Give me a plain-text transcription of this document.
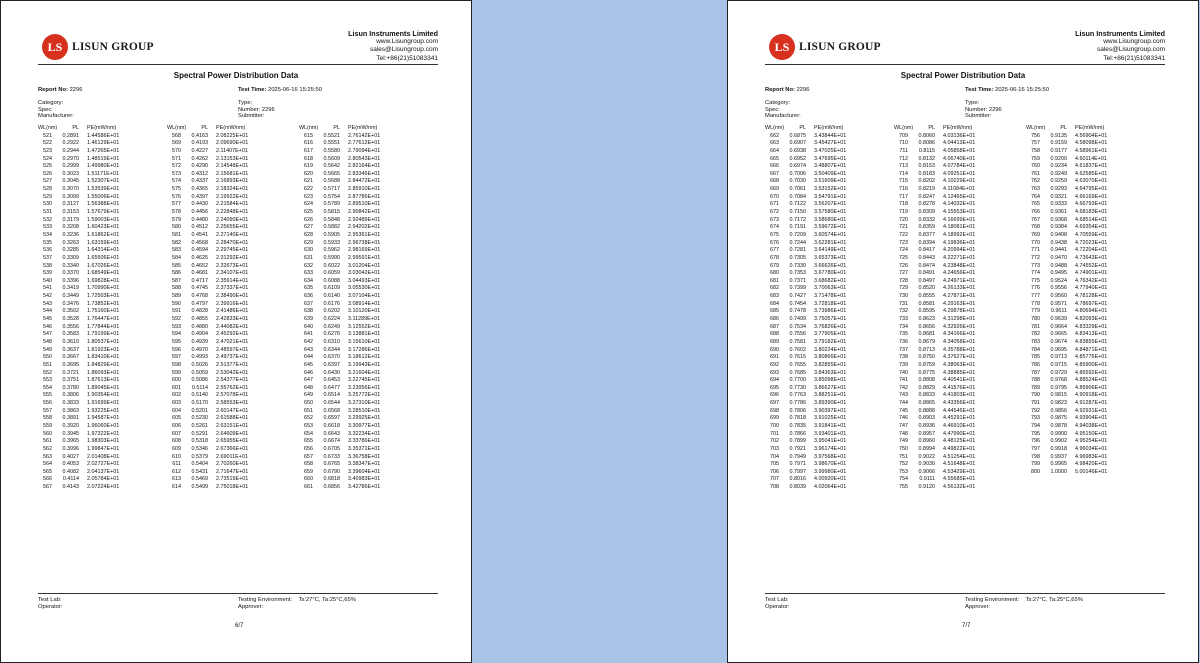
LS LISUN GROUP
Lisun Instruments Limited
www.Lisungroup.com
sales@Lisungroup.com
Tel:+86(21)51083341
Spectral Power Distribution Data
Report No: 2296

Category:
Spec:
Manufacturer:
Test Time: 2025-06-16 15:25:50

Type:
Number: 2296
Submitter:
WL(nm)	PL PE(mW/nm)
521 0.2891 1.44586E+01
522 0.2922 1.46129E+01
523 0.2944 1.47265E+01
524 0.2970 1.48519E+01
525 0.2999 1.49980E+01
526 0.3023 1.51171E+01
527 0.3045 1.52307E+01
528 0.3070 1.53539E+01
529 0.3099 1.55006E+01
530 0.3127 1.56388E+01
531 0.3153 1.57679E+01
532 0.3179 1.59003E+01
533 0.3208 1.60423E+01
534 0.3236 1.61862E+01
535 0.3263 1.63159E+01
536 0.3285 1.64314E+01
537 0.3309 1.65506E+01
538 0.3340 1.67026E+01
539 0.3370 1.68549E+01
540 0.3396 1.69828E+01
541 0.3419 1.70990E+01
542 0.3449 1.72503E+01
543 0.3476 1.73852E+01
544 0.3502 1.75160E+01
545 0.3528 1.76447E+01
546 0.3556 1.77844E+01
547 0.3583 1.79199E+01
548 0.3610 1.80537E+01
549 0.3637 1.81923E+01
550 0.3667 1.83410E+01
551 0.3695 1.84829E+01
552 0.3721 1.86093E+01
553 0.3751 1.87613E+01
554 0.3780 1.89045E+01
555 0.3806 1.90354E+01
556 0.3833 1.91699E+01
557 0.3863 1.93225E+01
558 0.3891 1.94587E+01
559 0.3920 1.96060E+01
560 0.3945 1.97322E+01
561 0.3965 1.98303E+01
562 0.3996 1.99847E+01
563 0.4027 2.01408E+01
564 0.4053 2.02727E+01
565 0.4082 2.04137E+01
566 0.4114 2.05784E+01
567 0.4143 2.07224E+01
WL(nm)	PL PE(mW/nm)
568 0.4163 2.08225E+01
569 0.4193 2.09690E+01
570 0.4227 2.11407E+01
571 0.4262 2.13153E+01
572 0.4290 2.14548E+01
573 0.4312 2.15681E+01
574 0.4337 2.16893E+01
575 0.4365 2.18324E+01
576 0.4397 2.19922E+01
577 0.4430 2.21584E+01
578 0.4456 2.22848E+01
579 0.4480 2.24090E+01
580 0.4512 2.25655E+01
581 0.4541 2.27140E+01
582 0.4568 2.28470E+01
583 0.4594 2.29745E+01
584 0.4625 2.31292E+01
585 0.4652 2.32673E+01
586 0.4681 2.34107E+01
587 0.4717 2.35914E+01
588 0.4745 2.37337E+01
589 0.4768 2.38490E+01
590 0.4797 2.39916E+01
591 0.4828 2.41486E+01
592 0.4855 2.42833E+01
593 0.4880 2.44082E+01
594 0.4904 2.45292E+01
595 0.4939 2.47021E+01
596 0.4970 2.48597E+01
597 0.4993 2.49737E+01
598 0.5026 2.51377E+01
599 0.5059 2.53042E+01
600 0.5086 2.54377E+01
601 0.5114 2.55762E+01
602 0.5140 2.57078E+01
603 0.5170 2.58553E+01
604 0.5201 2.60147E+01
605 0.5230 2.61588E+01
606 0.5261 2.63151E+01
607 0.5291 2.64609E+01
608 0.5318 2.65955E+01
609 0.5346 2.67366E+01
610 0.5379 2.69011E+01
611 0.5404 2.70260E+01
612 0.5431 2.71647E+01
613 0.5469 2.73519E+01
614 0.5499 2.75018E+01
WL(nm)	PL PE(mW/nm)
615 0.5521 2.76142E+01
616 0.5551 2.77612E+01
617 0.5580 2.79094E+01
618 0.5609 2.80543E+01
619 0.5642 2.82164E+01
620 0.5665 2.83346E+01
621 0.5688 2.84472E+01
622 0.5717 2.85910E+01
623 0.5754 2.87786E+01
624 0.5789 2.89510E+01
625 0.5815 2.90842E+01
626 0.5848 2.92489E+01
627 0.5882 2.94202E+01
628 0.5905 2.95361E+01
629 0.5933 2.96738E+01
630 0.5962 2.98169E+01
631 0.5990 2.99591E+01
632 0.6022 3.01204E+01
633 0.6059 3.03042E+01
634 0.6088 3.04493E+01
635 0.6109 3.05530E+01
636 0.6140 3.07104E+01
637 0.6176 3.08914E+01
638 0.6202 3.10120E+01
639 0.6224 3.11289E+01
640 0.6249 3.12552E+01
641 0.6276 3.13881E+01
642 0.6310 3.15610E+01
643 0.6344 3.17286E+01
644 0.6370 3.18612E+01
645 0.6397 3.19943E+01
646 0.6430 3.21604E+01
647 0.6453 3.22745E+01
648 0.6477 3.23956E+01
649 0.6514 3.25772E+01
650 0.6544 3.27310E+01
651 0.6568 3.28510E+01
652 0.6597 3.29925E+01
653 0.6618 3.30977E+01
654 0.6643 3.32234E+01
655 0.6674 3.33786E+01
656 0.6705 3.35371E+01
657 0.6733 3.36758E+01
658 0.6765 3.38347E+01
659 0.6790 3.39604E+01
660 0.6818 3.40983E+01
661 0.6856 3.42786E+01
Test Lab:
Operator:
Testing Environment: Ts:27°C, Ta:25°C,65%
Approver:
6/7
LS LISUN GROUP
Lisun Instruments Limited
www.Lisungroup.com
sales@Lisungroup.com
Tel:+86(21)51083341
Spectral Power Distribution Data
Report No: 2296

Category:
Spec:
Manufacturer:
Test Time: 2025-06-16 15:25:50

Type:
Number: 2296
Submitter:
WL(nm)	PL PE(mW/nm)
662 0.6875 3.43844E+01
663 0.6907 3.45427E+01
664 0.6938 3.47025E+01
665 0.6952 3.47695E+01
666 0.6974 3.48807E+01
667 0.7006 3.50409E+01
668 0.7030 3.51609E+01
669 0.7061 3.53152E+01
670 0.7084 3.54791E+01
671 0.7122 3.56207E+01
672 0.7150 3.57580E+01
673 0.7172 3.58680E+01
674 0.7191 3.59672E+01
675 0.7209 3.60574E+01
676 0.7244 3.62281E+01
677 0.7281 3.64149E+01
678 0.7305 3.65373E+01
679 0.7330 3.66626E+01
680 0.7353 3.67780E+01
681 0.7371 3.68682E+01
682 0.7399 3.70063E+01
683 0.7427 3.71478E+01
684 0.7454 3.72818E+01
685 0.7478 3.73986E+01
686 0.7499 3.75057E+01
687 0.7534 3.76826E+01
688 0.7556 3.77905E+01
689 0.7581 3.79182E+01
690 0.7602 3.80224E+01
691 0.7615 3.80866E+01
692 0.7655 3.82855E+01
693 0.7685 3.84363E+01
694 0.7700 3.85098E+01
695 0.7730 3.86627E+01
696 0.7763 3.88251E+01
697 0.7786 3.89390E+01
698 0.7806 3.90397E+01
699 0.7818 3.91025E+01
700 0.7835 3.91841E+01
701 0.7866 3.93401E+01
702 0.7899 3.95041E+01
703 0.7921 3.96174E+01
704 0.7949 3.97568E+01
705 0.7971 3.98670E+01
706 0.7997 3.99980E+01
707 0.8016 4.00920E+01
708 0.8039 4.02064E+01
WL(nm)	PL PE(mW/nm)
709 0.8060 4.03136E+01
710 0.8086 4.04413E+01
711 0.8115 4.05858E+01
712 0.8132 4.06740E+01
713 0.8153 4.07784E+01
714 0.8183 4.09251E+01
715 0.8202 4.10229E+01
716 0.8219 4.11084E+01
717 0.8247 4.12465E+01
718 0.8278 4.14032E+01
719 0.8309 4.15553E+01
720 0.8332 4.16699E+01
721 0.8359 4.18081E+01
722 0.8377 4.18992E+01
723 0.8394 4.19836E+01
724 0.8417 4.20994E+01
725 0.8443 4.22271E+01
726 0.8474 4.23848E+01
727 0.8491 4.24656E+01
728 0.8497 4.24971E+01
729 0.8520 4.26133E+01
730 0.8555 4.27871E+01
731 0.8581 4.29163E+01
732 0.8595 4.29878E+01
733 0.8623 4.31298E+01
734 0.8656 4.32926E+01
735 0.8681 4.34166E+01
736 0.8679 4.34058E+01
737 0.8713 4.35788E+01
738 0.8750 4.37627E+01
739 0.8759 4.38063E+01
740 0.8775 4.38885E+01
741 0.8808 4.40541E+01
742 0.8829 4.41576E+01
743 0.8833 4.41803E+01
744 0.8865 4.43356E+01
745 0.8888 4.44546E+01
746 0.8903 4.45291E+01
747 0.8936 4.46910E+01
748 0.8957 4.47990E+01
749 0.8960 4.48125E+01
750 0.8994 4.49822E+01
751 0.9022 4.51254E+01
752 0.9030 4.51648E+01
753 0.9066 4.53429E+01
754 0.9111 4.55685E+01
755 0.9120 4.56132E+01
WL(nm)	PL PE(mW/nm)
756 0.9135 4.56904E+01
757 0.9159 4.58098E+01
758 0.9177 4.58961E+01
759 0.9200 4.60114E+01
760 0.9234 4.61837E+01
761 0.9249 4.62585E+01
762 0.9259 4.63070E+01
763 0.9293 4.64795E+01
764 0.9321 4.66169E+01
765 0.9333 4.66793E+01
766 0.9361 4.68183E+01
767 0.9368 4.68514E+01
768 0.9384 4.69354E+01
769 0.9408 4.70559E+01
770 0.9438 4.72023E+01
771 0.9441 4.72204E+01
772 0.9470 4.73643E+01
773 0.9488 4.74552E+01
774 0.9495 4.74901E+01
775 0.9524 4.76342E+01
776 0.9556 4.77940E+01
777 0.9560 4.78128E+01
778 0.9571 4.78697E+01
779 0.9611 4.80694E+01
780 0.9639 4.82093E+01
781 0.9664 4.83329E+01
782 0.9665 4.83413E+01
783 0.9674 4.83855E+01
784 0.9695 4.84871E+01
785 0.9713 4.85776E+01
786 0.9715 4.85900E+01
787 0.9729 4.86592E+01
788 0.9768 4.88524E+01
789 0.9795 4.89906E+01
790 0.9815 4.90918E+01
791 0.9823 4.91287E+01
792 0.9856 4.92931E+01
793 0.9875 4.93904E+01
794 0.9878 4.94038E+01
795 0.9900 4.95150E+01
796 0.9902 4.95254E+01
797 0.9918 4.96034E+01
798 0.9937 4.96983E+01
799 0.9965 4.98420E+01
800 1.0000 5.00146E+01
Test Lab:
Operator:
Testing Environment: Ts:27°C, Ta:25°C,65%
Approver:
7/7
